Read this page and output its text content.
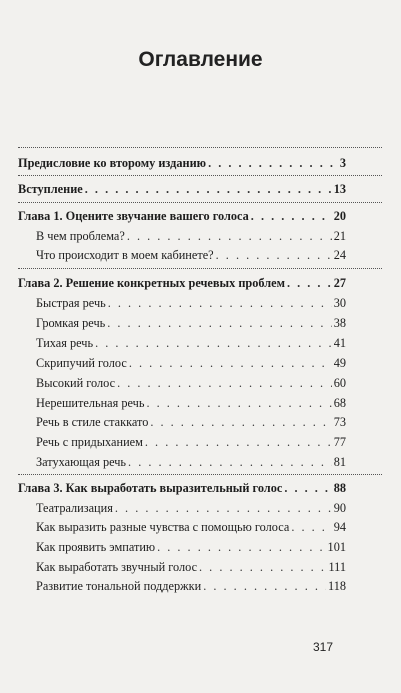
Оглавление
Предисловие ко второму изданию . . .	3
Вступление . . .	13
Глава 1. Оцените звучание вашего голоса . . .	20
В чем проблема? . . .	21
Что происходит в моем кабинете? . . .	24
Глава 2. Решение конкретных речевых проблем . . .	27
Быстрая речь . . .	30
Громкая речь . . .	38
Тихая речь . . .	41
Скрипучий голос . . .	49
Высокий голос . . .	60
Нерешительная речь . . .	68
Речь в стиле стаккато . . .	73
Речь с придыханием . . .	77
Затухающая речь . . .	81
Глава 3. Как выработать выразительный голос . . .	88
Театрализация . . .	90
Как выразить разные чувства с помощью голоса . . .	94
Как проявить эмпатию . . .	101
Как выработать звучный голос . . .	111
Развитие тональной поддержки . . .	118
317
